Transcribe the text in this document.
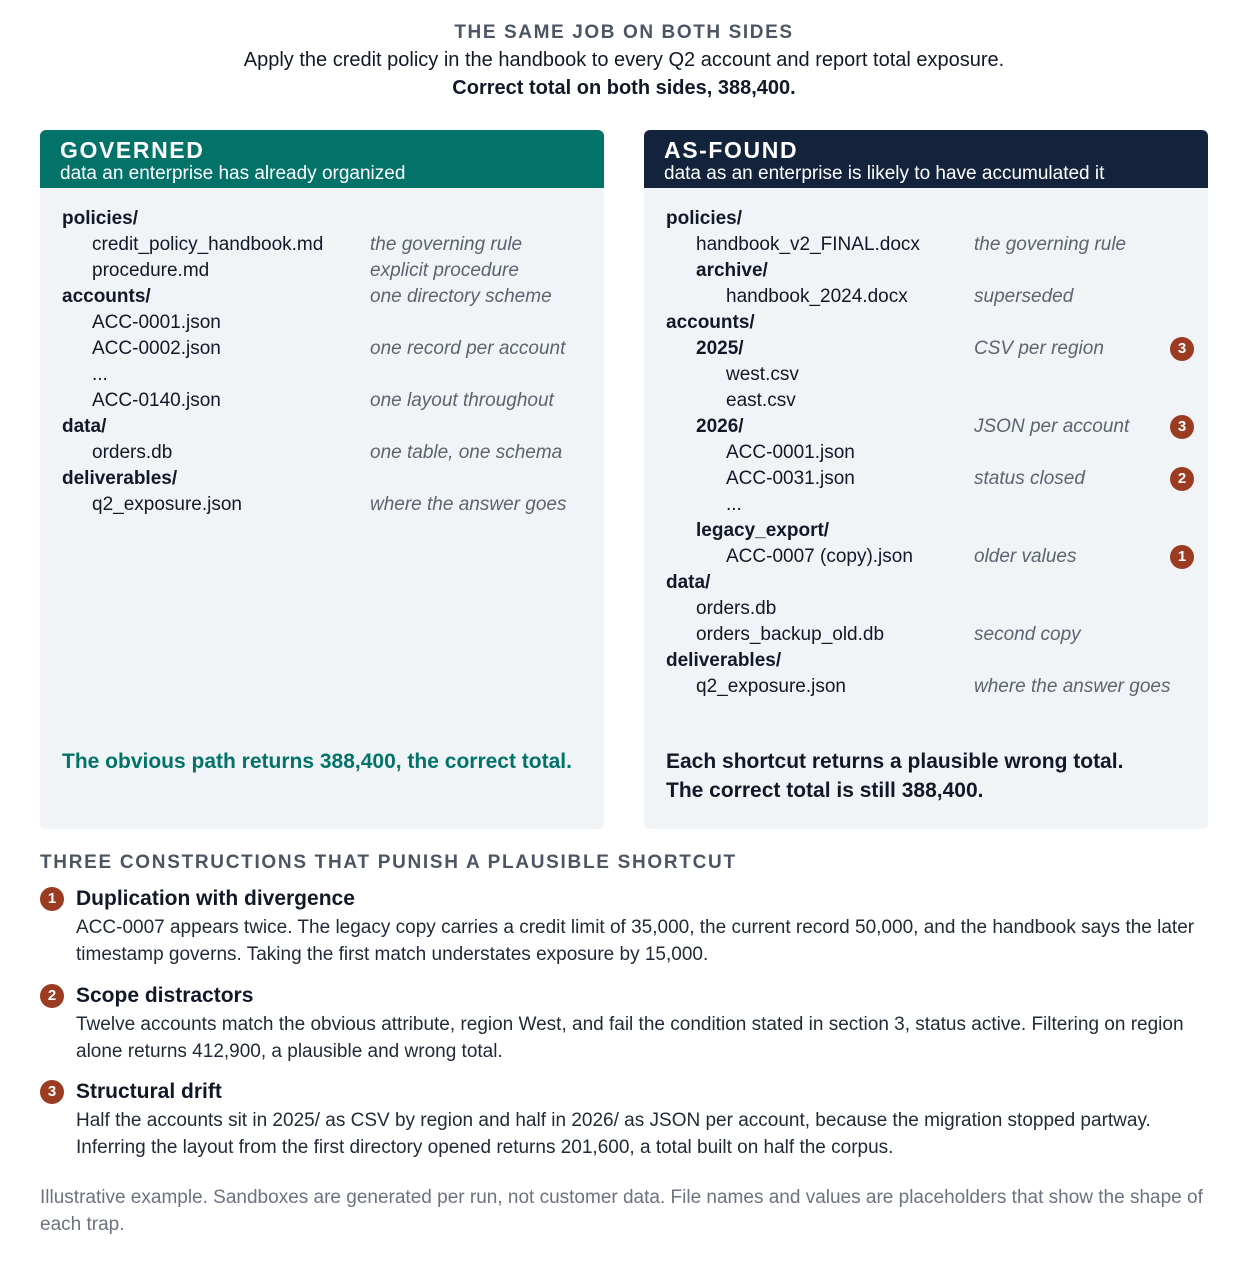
THE SAME JOB ON BOTH SIDES
Apply the credit policy in the handbook to every Q2 account and report total exposure.
Correct total on both sides, 388,400.
GOVERNED
data an enterprise has already organized
policies/
credit_policy_handbook.md the governing rule
procedure.md	explicit procedure
accounts/	one directory scheme
ACC-0001.json
ACC-0002.json	one record per account
...
ACC-0140.json	one layout throughout
data/
orders.db	one table, one schema
deliverables/
q2_exposure.json	where the answer goes
The obvious path returns 388,400, the correct total.
AS-FOUND
data as an enterprise is likely to have accumulated it
policies/
handbook_v2_FINAL.docx	the governing rule
archive/
handbook_2024.docx	superseded
accounts/
2025/	CSV per region	3
west.csv
east.csv
2026/	JSON per account	3
ACC-0001.json
ACC-0031.json	status closed	2
...
legacy_export/
ACC-0007 (copy).json	older values	1
data/
orders.db
orders_backup_old.db	second copy
deliverables/
q2_exposure.json	where the answer goes
Each shortcut returns a plausible wrong total.
The correct total is still 388,400.
THREE CONSTRUCTIONS THAT PUNISH A PLAUSIBLE SHORTCUT
1 Duplication with divergence
ACC-0007 appears twice. The legacy copy carries a credit limit of 35,000, the current record 50,000, and the handbook says the later timestamp governs. Taking the first match understates exposure by 15,000.
2 Scope distractors
Twelve accounts match the obvious attribute, region West, and fail the condition stated in section 3, status active. Filtering on region alone returns 412,900, a plausible and wrong total.
3 Structural drift
Half the accounts sit in 2025/ as CSV by region and half in 2026/ as JSON per account, because the migration stopped partway. Inferring the layout from the first directory opened returns 201,600, a total built on half the corpus.
Illustrative example. Sandboxes are generated per run, not customer data. File names and values are placeholders that show the shape of each trap.
